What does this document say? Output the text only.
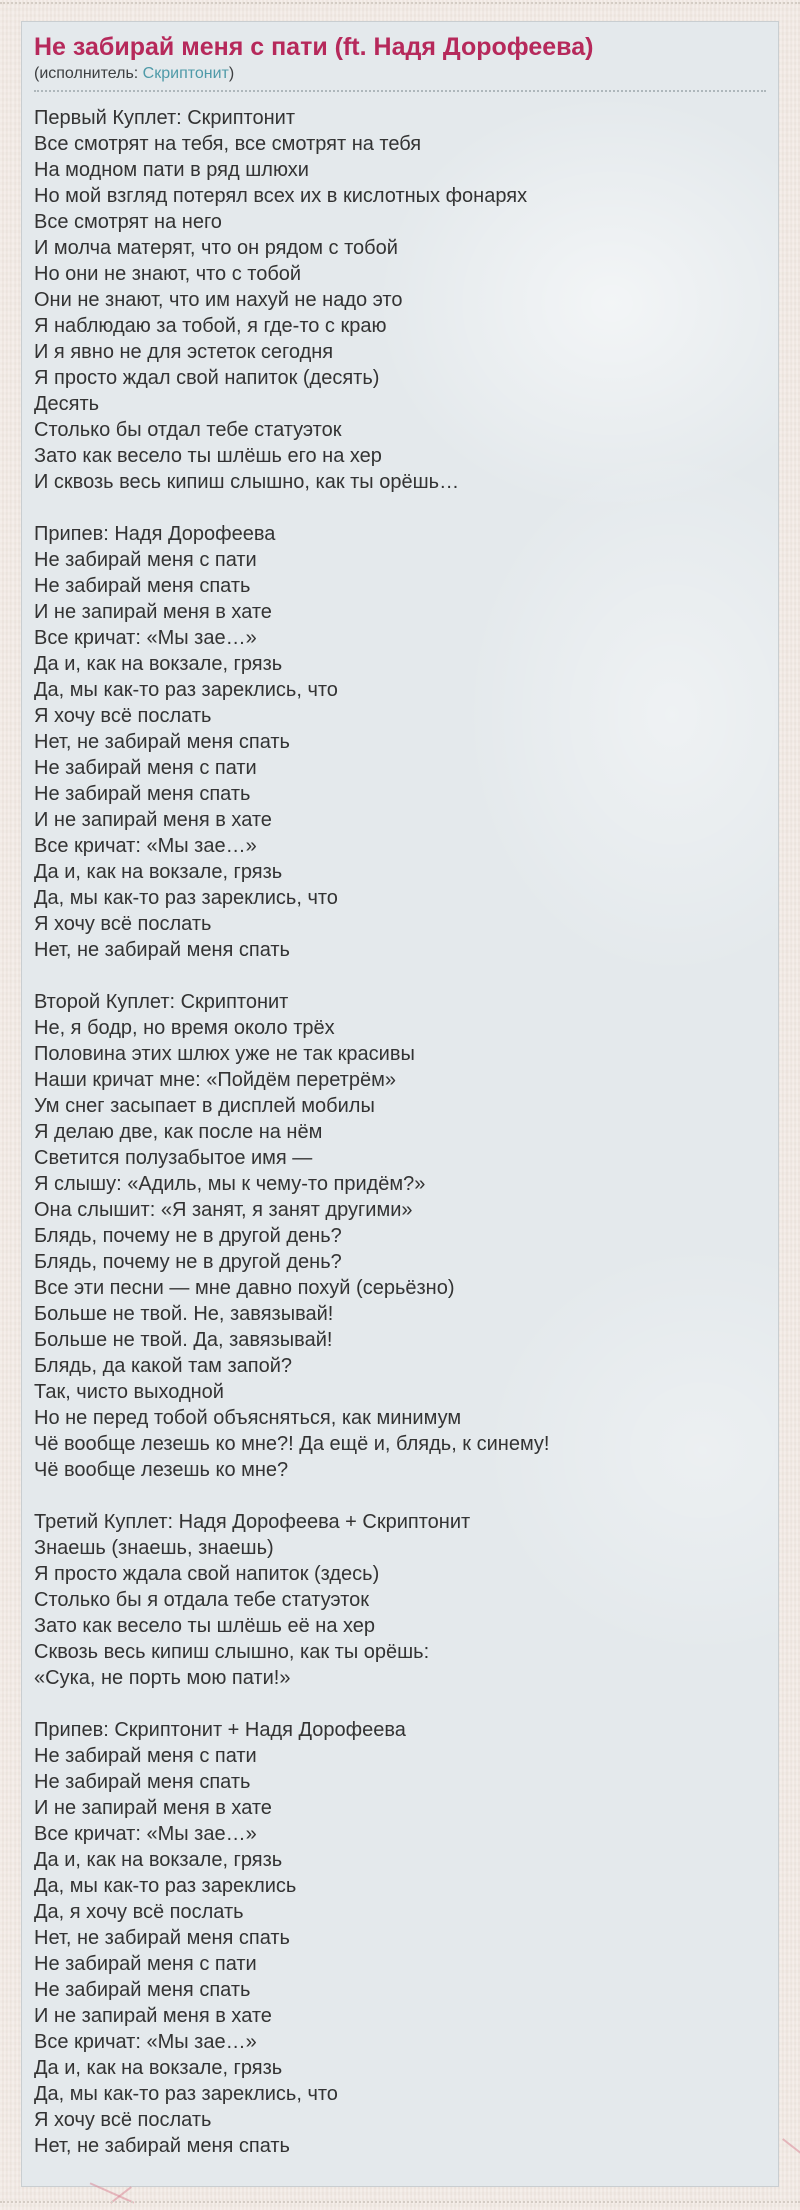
Не забирай меня с пати (ft. Надя Дорофеева)
(исполнитель: Скриптонит)

Первый Куплет: Скриптонит
Все смотрят на тебя, все смотрят на тебя
На модном пати в ряд шлюхи
Но мой взгляд потерял всех их в кислотных фонарях
Все смотрят на него
И молча матерят, что он рядом с тобой
Но они не знают, что с тобой
Они не знают, что им нахуй не надо это
Я наблюдаю за тобой, я где-то с краю
И я явно не для эстеток сегодня
Я просто ждал свой напиток (десять)
Десять
Столько бы отдал тебе статуэток
Зато как весело ты шлёшь его на хер
И сквозь весь кипиш слышно, как ты орёшь…

Припев: Надя Дорофеева
Не забирай меня с пати
Не забирай меня спать
И не запирай меня в хате
Все кричат: «Мы зае…»
Да и, как на вокзале, грязь
Да, мы как-то раз зареклись, что
Я хочу всё послать
Нет, не забирай меня спать
Не забирай меня с пати
Не забирай меня спать
И не запирай меня в хате
Все кричат: «Мы зае…»
Да и, как на вокзале, грязь
Да, мы как-то раз зареклись, что
Я хочу всё послать
Нет, не забирай меня спать

Второй Куплет: Скриптонит
Не, я бодр, но время около трёх
Половина этих шлюх уже не так красивы
Наши кричат мне: «Пойдём перетрём»
Ум снег засыпает в дисплей мобилы
Я делаю две, как после на нём
Светится полузабытое имя —
Я слышу: «Адиль, мы к чему-то придём?»
Она слышит: «Я занят, я занят другими»
Блядь, почему не в другой день?
Блядь, почему не в другой день?
Все эти песни — мне давно похуй (серьёзно)
Больше не твой. Не, завязывай!
Больше не твой. Да, завязывай!
Блядь, да какой там запой?
Так, чисто выходной
Но не перед тобой объясняться, как минимум
Чё вообще лезешь ко мне?! Да ещё и, блядь, к синему!
Чё вообще лезешь ко мне?

Третий Куплет: Надя Дорофеева + Скриптонит
Знаешь (знаешь, знаешь)
Я просто ждала свой напиток (здесь)
Столько бы я отдала тебе статуэток
Зато как весело ты шлёшь её на хер
Сквозь весь кипиш слышно, как ты орёшь:
«Сука, не порть мою пати!»

Припев: Скриптонит + Надя Дорофеева
Не забирай меня с пати
Не забирай меня спать
И не запирай меня в хате
Все кричат: «Мы зае…»
Да и, как на вокзале, грязь
Да, мы как-то раз зареклись
Да, я хочу всё послать
Нет, не забирай меня спать
Не забирай меня с пати
Не забирай меня спать
И не запирай меня в хате
Все кричат: «Мы зае…»
Да и, как на вокзале, грязь
Да, мы как-то раз зареклись, что
Я хочу всё послать
Нет, не забирай меня спать
